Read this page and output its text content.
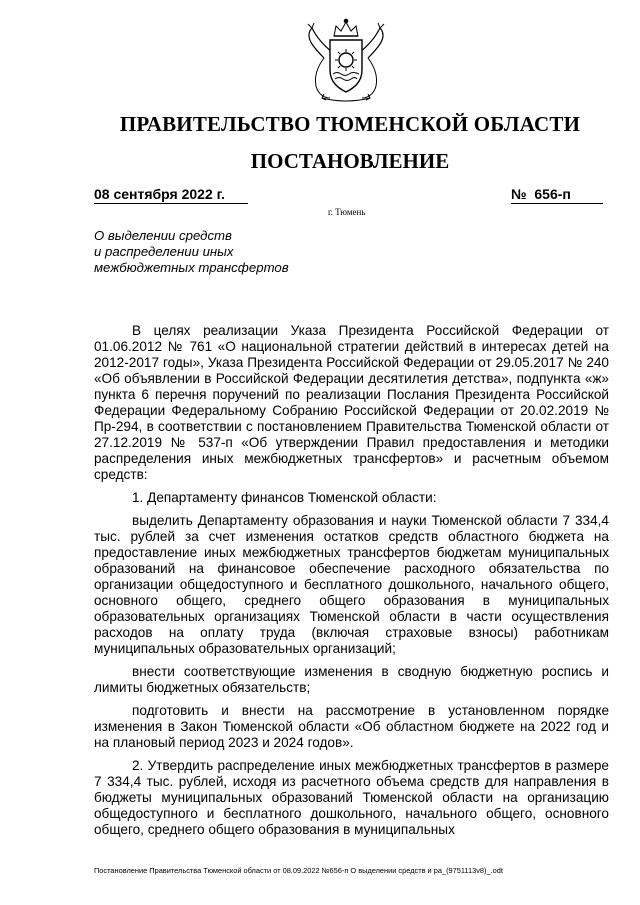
ПРАВИТЕЛЬСТВО ТЮМЕНСКОЙ ОБЛАСТИ
ПОСТАНОВЛЕНИЕ
08 сентября 2022 г.	№ 656-п
г. Тюмень
О выделении средств
и распределении иных
межбюджетных трансфертов

В целях реализации Указа Президента Российской Федерации от 01.06.2012 № 761 «О национальной стратегии действий в интересах детей на 2012-2017 годы», Указа Президента Российской Федерации от 29.05.2017 № 240 «Об объявлении в Российской Федерации десятилетия детства», подпункта «ж» пункта 6 перечня поручений по реализации Послания Президента Российской Федерации Федеральному Собранию Российской Федерации от 20.02.2019 № Пр-294, в соответствии с постановлением Правительства Тюменской области от 27.12.2019 № 537-п «Об утверждении Правил предоставления и методики распределения иных межбюджетных трансфертов» и расчетным объемом средств:

1. Департаменту финансов Тюменской области:

выделить Департаменту образования и науки Тюменской области 7 334,4 тыс. рублей за счет изменения остатков средств областного бюджета на предоставление иных межбюджетных трансфертов бюджетам муниципальных образований на финансовое обеспечение расходного обязательства по организации общедоступного и бесплатного дошкольного, начального общего, основного общего, среднего общего образования в муниципальных образовательных организациях Тюменской области в части осуществления расходов на оплату труда (включая страховые взносы) работникам муниципальных образовательных организаций;

внести соответствующие изменения в сводную бюджетную роспись и лимиты бюджетных обязательств;

подготовить и внести на рассмотрение в установленном порядке изменения в Закон Тюменской области «Об областном бюджете на 2022 год и на плановый период 2023 и 2024 годов».

2. Утвердить распределение иных межбюджетных трансфертов в размере 7 334,4 тыс. рублей, исходя из расчетного объема средств для направления в бюджеты муниципальных образований Тюменской области на организацию общедоступного и бесплатного дошкольного, начального общего, основного общего, среднего общего образования в муниципальных

Постановление Правительства Тюменской области от 08.09.2022 №656-п О выделении средств и ра_(9751113v8)_.odt
